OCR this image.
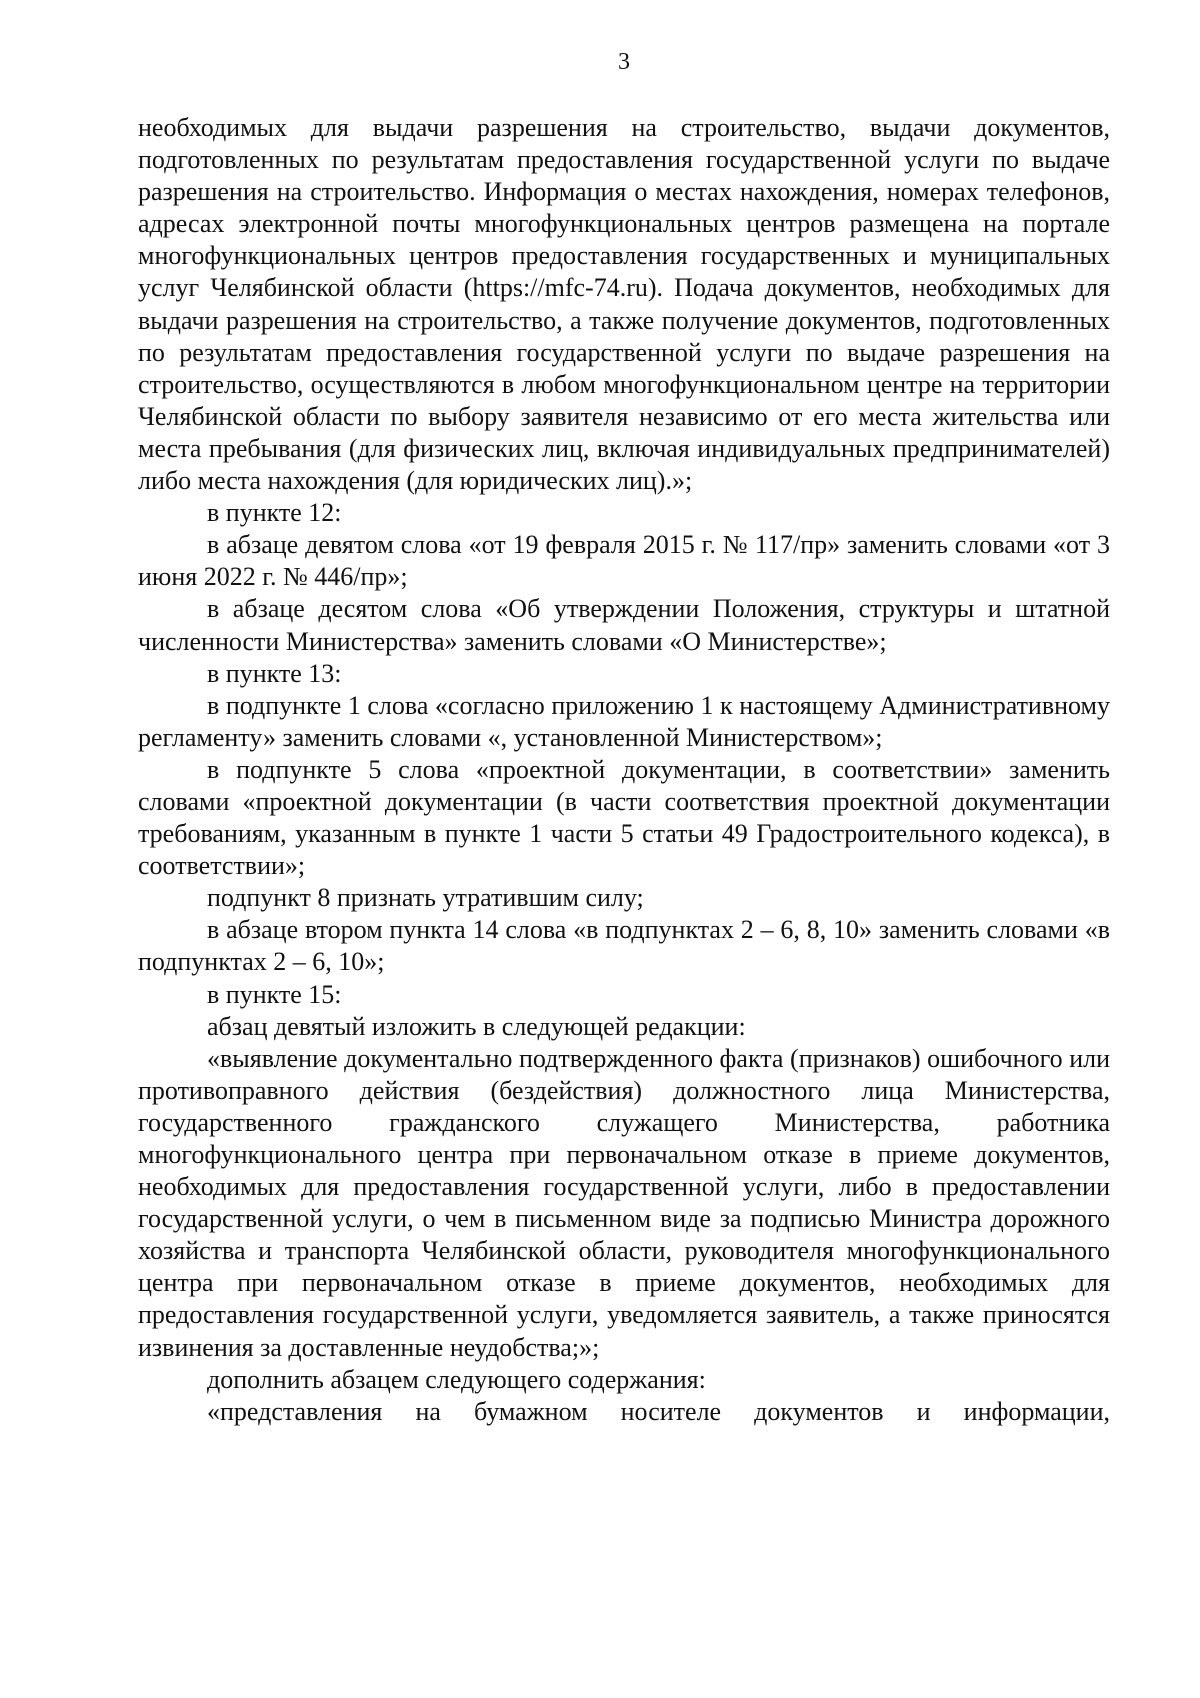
3

необходимых для выдачи разрешения на строительство, выдачи документов, подготовленных по результатам предоставления государственной услуги по выдаче разрешения на строительство. Информация о местах нахождения, номерах телефонов, адресах электронной почты многофункциональных центров размещена на портале многофункциональных центров предоставления государственных и муниципальных услуг Челябинской области (https://mfc-74.ru). Подача документов, необходимых для выдачи разрешения на строительство, а также получение документов, подготовленных по результатам предоставления государственной услуги по выдаче разрешения на строительство, осуществляются в любом многофункциональном центре на территории Челябинской области по выбору заявителя независимо от его места жительства или места пребывания (для физических лиц, включая индивидуальных предпринимателей) либо места нахождения (для юридических лиц).»;

в пункте 12:

в абзаце девятом слова «от 19 февраля 2015 г. № 117/пр» заменить словами «от 3 июня 2022 г. № 446/пр»;

в абзаце десятом слова «Об утверждении Положения, структуры и штатной численности Министерства» заменить словами «О Министерстве»;

в пункте 13:

в подпункте 1 слова «согласно приложению 1 к настоящему Административному регламенту» заменить словами «, установленной Министерством»;

в подпункте 5 слова «проектной документации, в соответствии» заменить словами «проектной документации (в части соответствия проектной документации требованиям, указанным в пункте 1 части 5 статьи 49 Градостроительного кодекса), в соответствии»;

подпункт 8 признать утратившим силу;

в абзаце втором пункта 14 слова «в подпунктах 2 – 6, 8, 10» заменить словами «в подпунктах 2 – 6, 10»;

в пункте 15:

абзац девятый изложить в следующей редакции:

«выявление документально подтвержденного факта (признаков) ошибочного или противоправного действия (бездействия) должностного лица Министерства, государственного гражданского служащего Министерства, работника многофункционального центра при первоначальном отказе в приеме документов, необходимых для предоставления государственной услуги, либо в предоставлении государственной услуги, о чем в письменном виде за подписью Министра дорожного хозяйства и транспорта Челябинской области, руководителя многофункционального центра при первоначальном отказе в приеме документов, необходимых для предоставления государственной услуги, уведомляется заявитель, а также приносятся извинения за доставленные неудобства;»;

дополнить абзацем следующего содержания:

«представления на бумажном носителе документов и информации,
